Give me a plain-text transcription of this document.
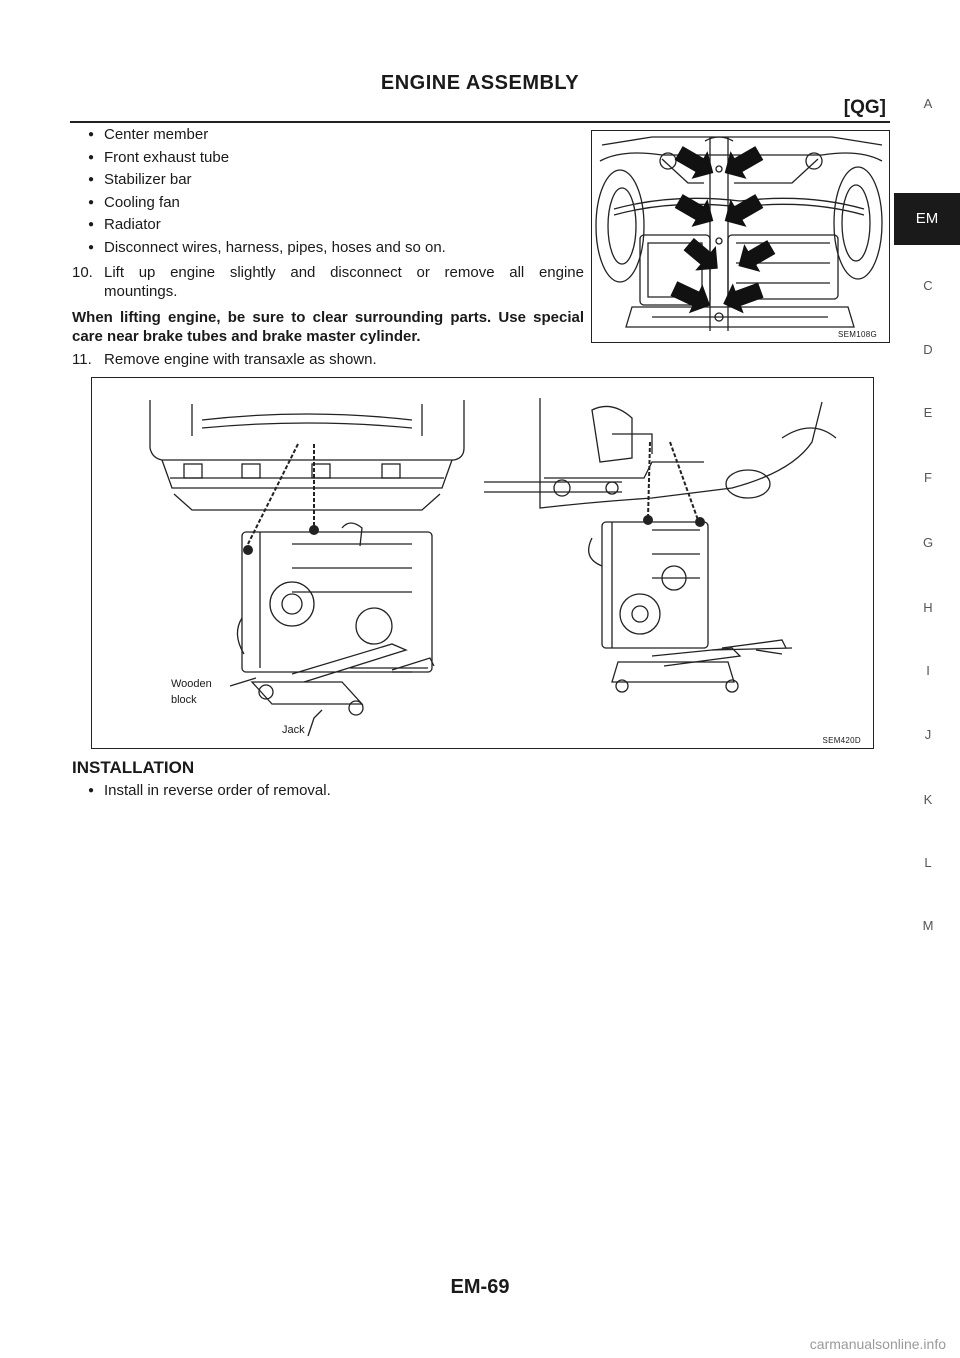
ENGINE ASSEMBLY
[QG]
● Center member
● Front exhaust tube
● Stabilizer bar
● Cooling fan
● Radiator
● Disconnect wires, harness, pipes, hoses and so on.
10. Lift up engine slightly and disconnect or remove all engine
mountings.
When lifting engine, be sure to clear surrounding parts. Use special care near brake tubes and brake master cylinder.
11. Remove engine with transaxle as shown.
SEM108G
Wooden
block
Jack
SEM420D
INSTALLATION
● Install in reverse order of removal.
A
EM
C
D
E
F
G
H
I
J
K
L
M
EM-69
carmanualsonline.info
